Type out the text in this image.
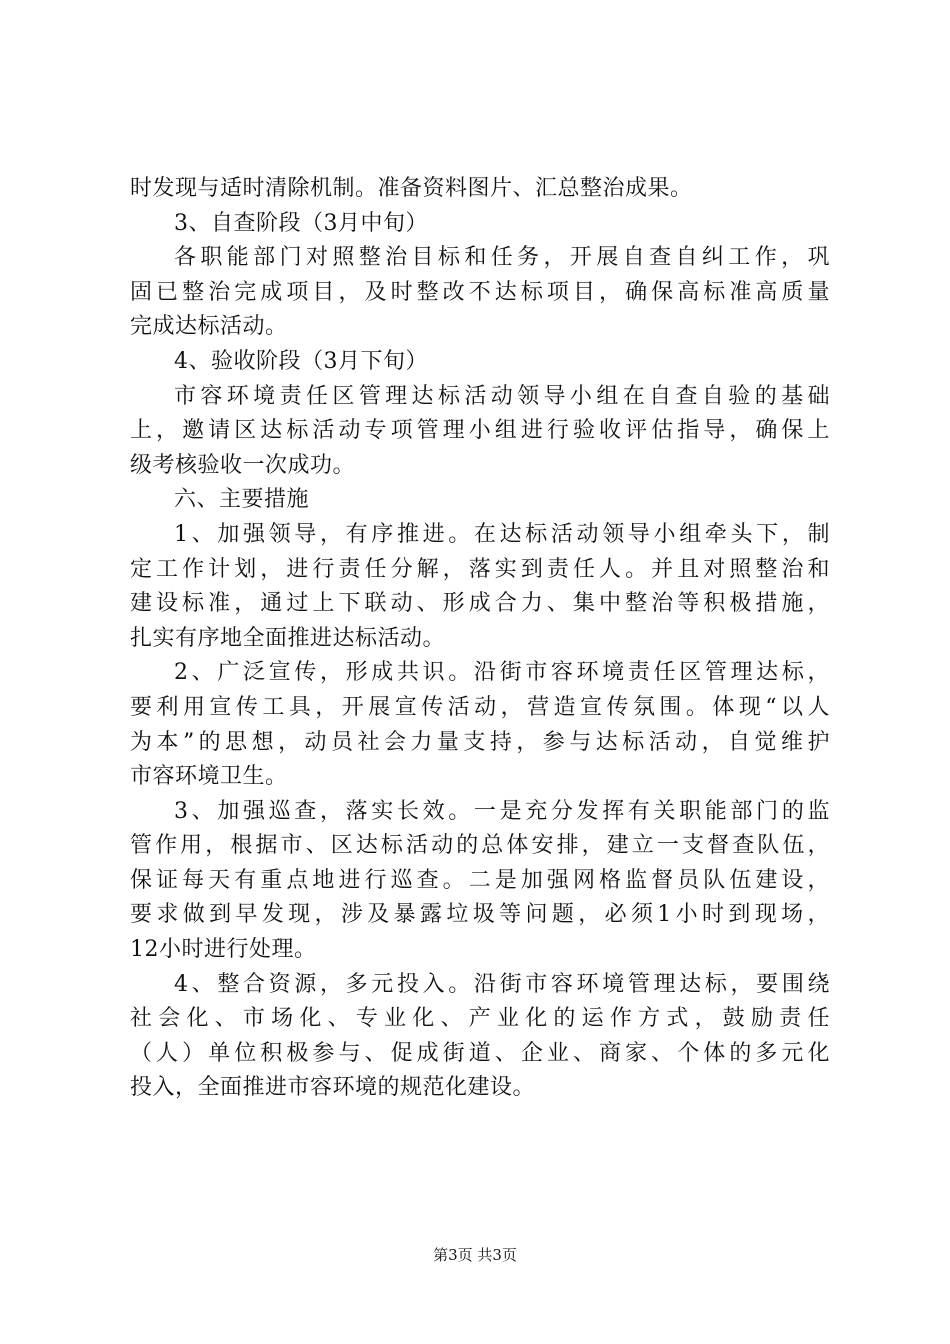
时发现与适时清除机制。准备资料图片、汇总整治成果。
3、自查阶段（3月中旬）
各职能部门对照整治目标和任务，开展自查自纠工作，巩
固已整治完成项目，及时整改不达标项目，确保高标准高质量
完成达标活动。
4、验收阶段（3月下旬）
市容环境责任区管理达标活动领导小组在自查自验的基础
上，邀请区达标活动专项管理小组进行验收评估指导，确保上
级考核验收一次成功。
六、主要措施
1、加强领导，有序推进。在达标活动领导小组牵头下，制
定工作计划，进行责任分解，落实到责任人。并且对照整治和
建设标准，通过上下联动、形成合力、集中整治等积极措施，
扎实有序地全面推进达标活动。
2、广泛宣传，形成共识。沿街市容环境责任区管理达标，
要利用宣传工具，开展宣传活动，营造宣传氛围。体现“以人
为本”的思想，动员社会力量支持，参与达标活动，自觉维护
市容环境卫生。
3、加强巡查，落实长效。一是充分发挥有关职能部门的监
管作用，根据市、区达标活动的总体安排，建立一支督查队伍，
保证每天有重点地进行巡查。二是加强网格监督员队伍建设，
要求做到早发现，涉及暴露垃圾等问题，必须1小时到现场，
12小时进行处理。
4、整合资源，多元投入。沿街市容环境管理达标，要围绕
社会化、市场化、专业化、产业化的运作方式，鼓励责任
（人）单位积极参与、促成街道、企业、商家、个体的多元化
投入，全面推进市容环境的规范化建设。
第3页 共3页
